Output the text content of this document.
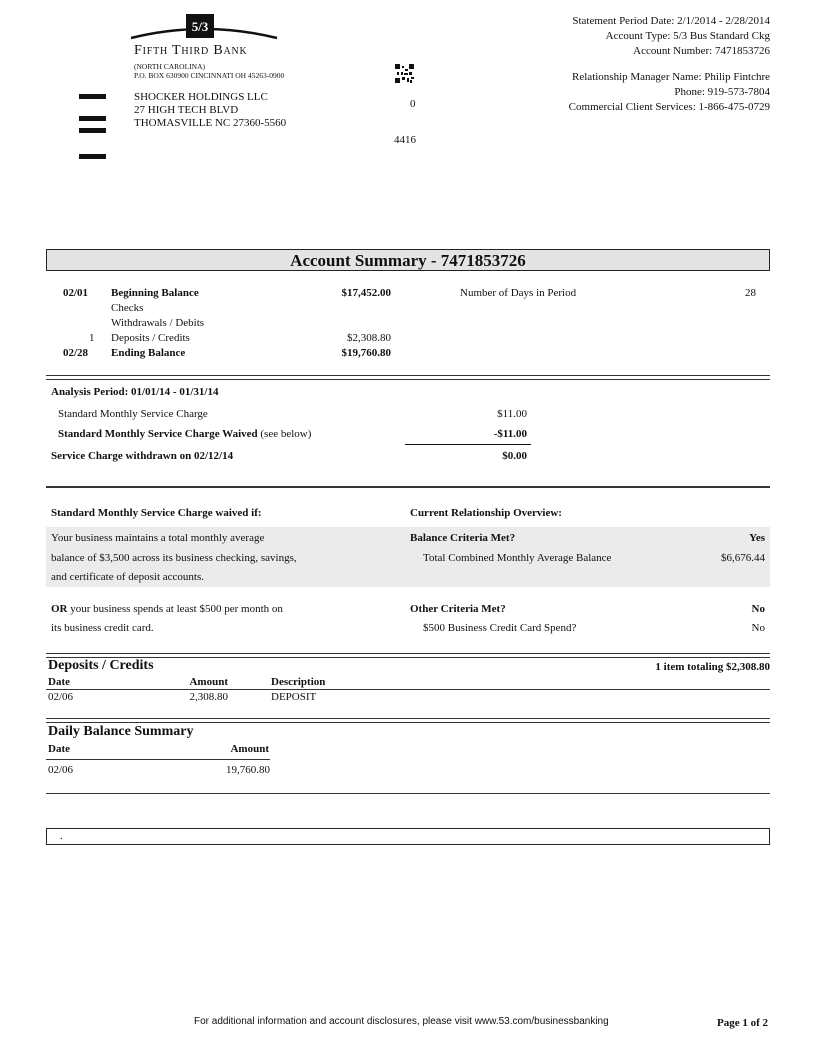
5/3
Fifth Third Bank
(NORTH CAROLINA)
P.O. BOX 630900 CINCINNATI OH 45263-0900
SHOCKER HOLDINGS LLC
27 HIGH TECH BLVD
THOMASVILLE NC 27360-5560
0
4416
Statement Period Date: 2/1/2014 - 2/28/2014
Account Type: 5/3 Bus Standard Ckg
Account Number: 7471853726
Relationship Manager Name: Philip Fintchre
Phone: 919-573-7804
Commercial Client Services: 1-866-475-0729
Account Summary - 7471853726
02/01 Beginning Balance	$17,452.00
Checks
Withdrawals / Debits
1 Deposits / Credits	$2,308.80
02/28 Ending Balance	$19,760.80
Number of Days in Period	28
Analysis Period: 01/01/14 - 01/31/14
Standard Monthly Service Charge	$11.00
Standard Monthly Service Charge Waived (see below)	-$11.00
Service Charge withdrawn on 02/12/14	$0.00
Standard Monthly Service Charge waived if:	Current Relationship Overview:
Your business maintains a total monthly average
balance of $3,500 across its business checking, savings,
and certificate of deposit accounts.
Balance Criteria Met?	Yes
Total Combined Monthly Average Balance	$6,676.44
OR your business spends at least $500 per month on
its business credit card.
Other Criteria Met?	No
$500 Business Credit Card Spend?	No
Deposits / Credits	1 item totaling $2,308.80
Date	Amount	Description
02/06	2,308.80	DEPOSIT
Daily Balance Summary
Date	Amount
02/06	19,760.80
.
For additional information and account disclosures, please visit www.53.com/businessbanking	Page 1 of 2
